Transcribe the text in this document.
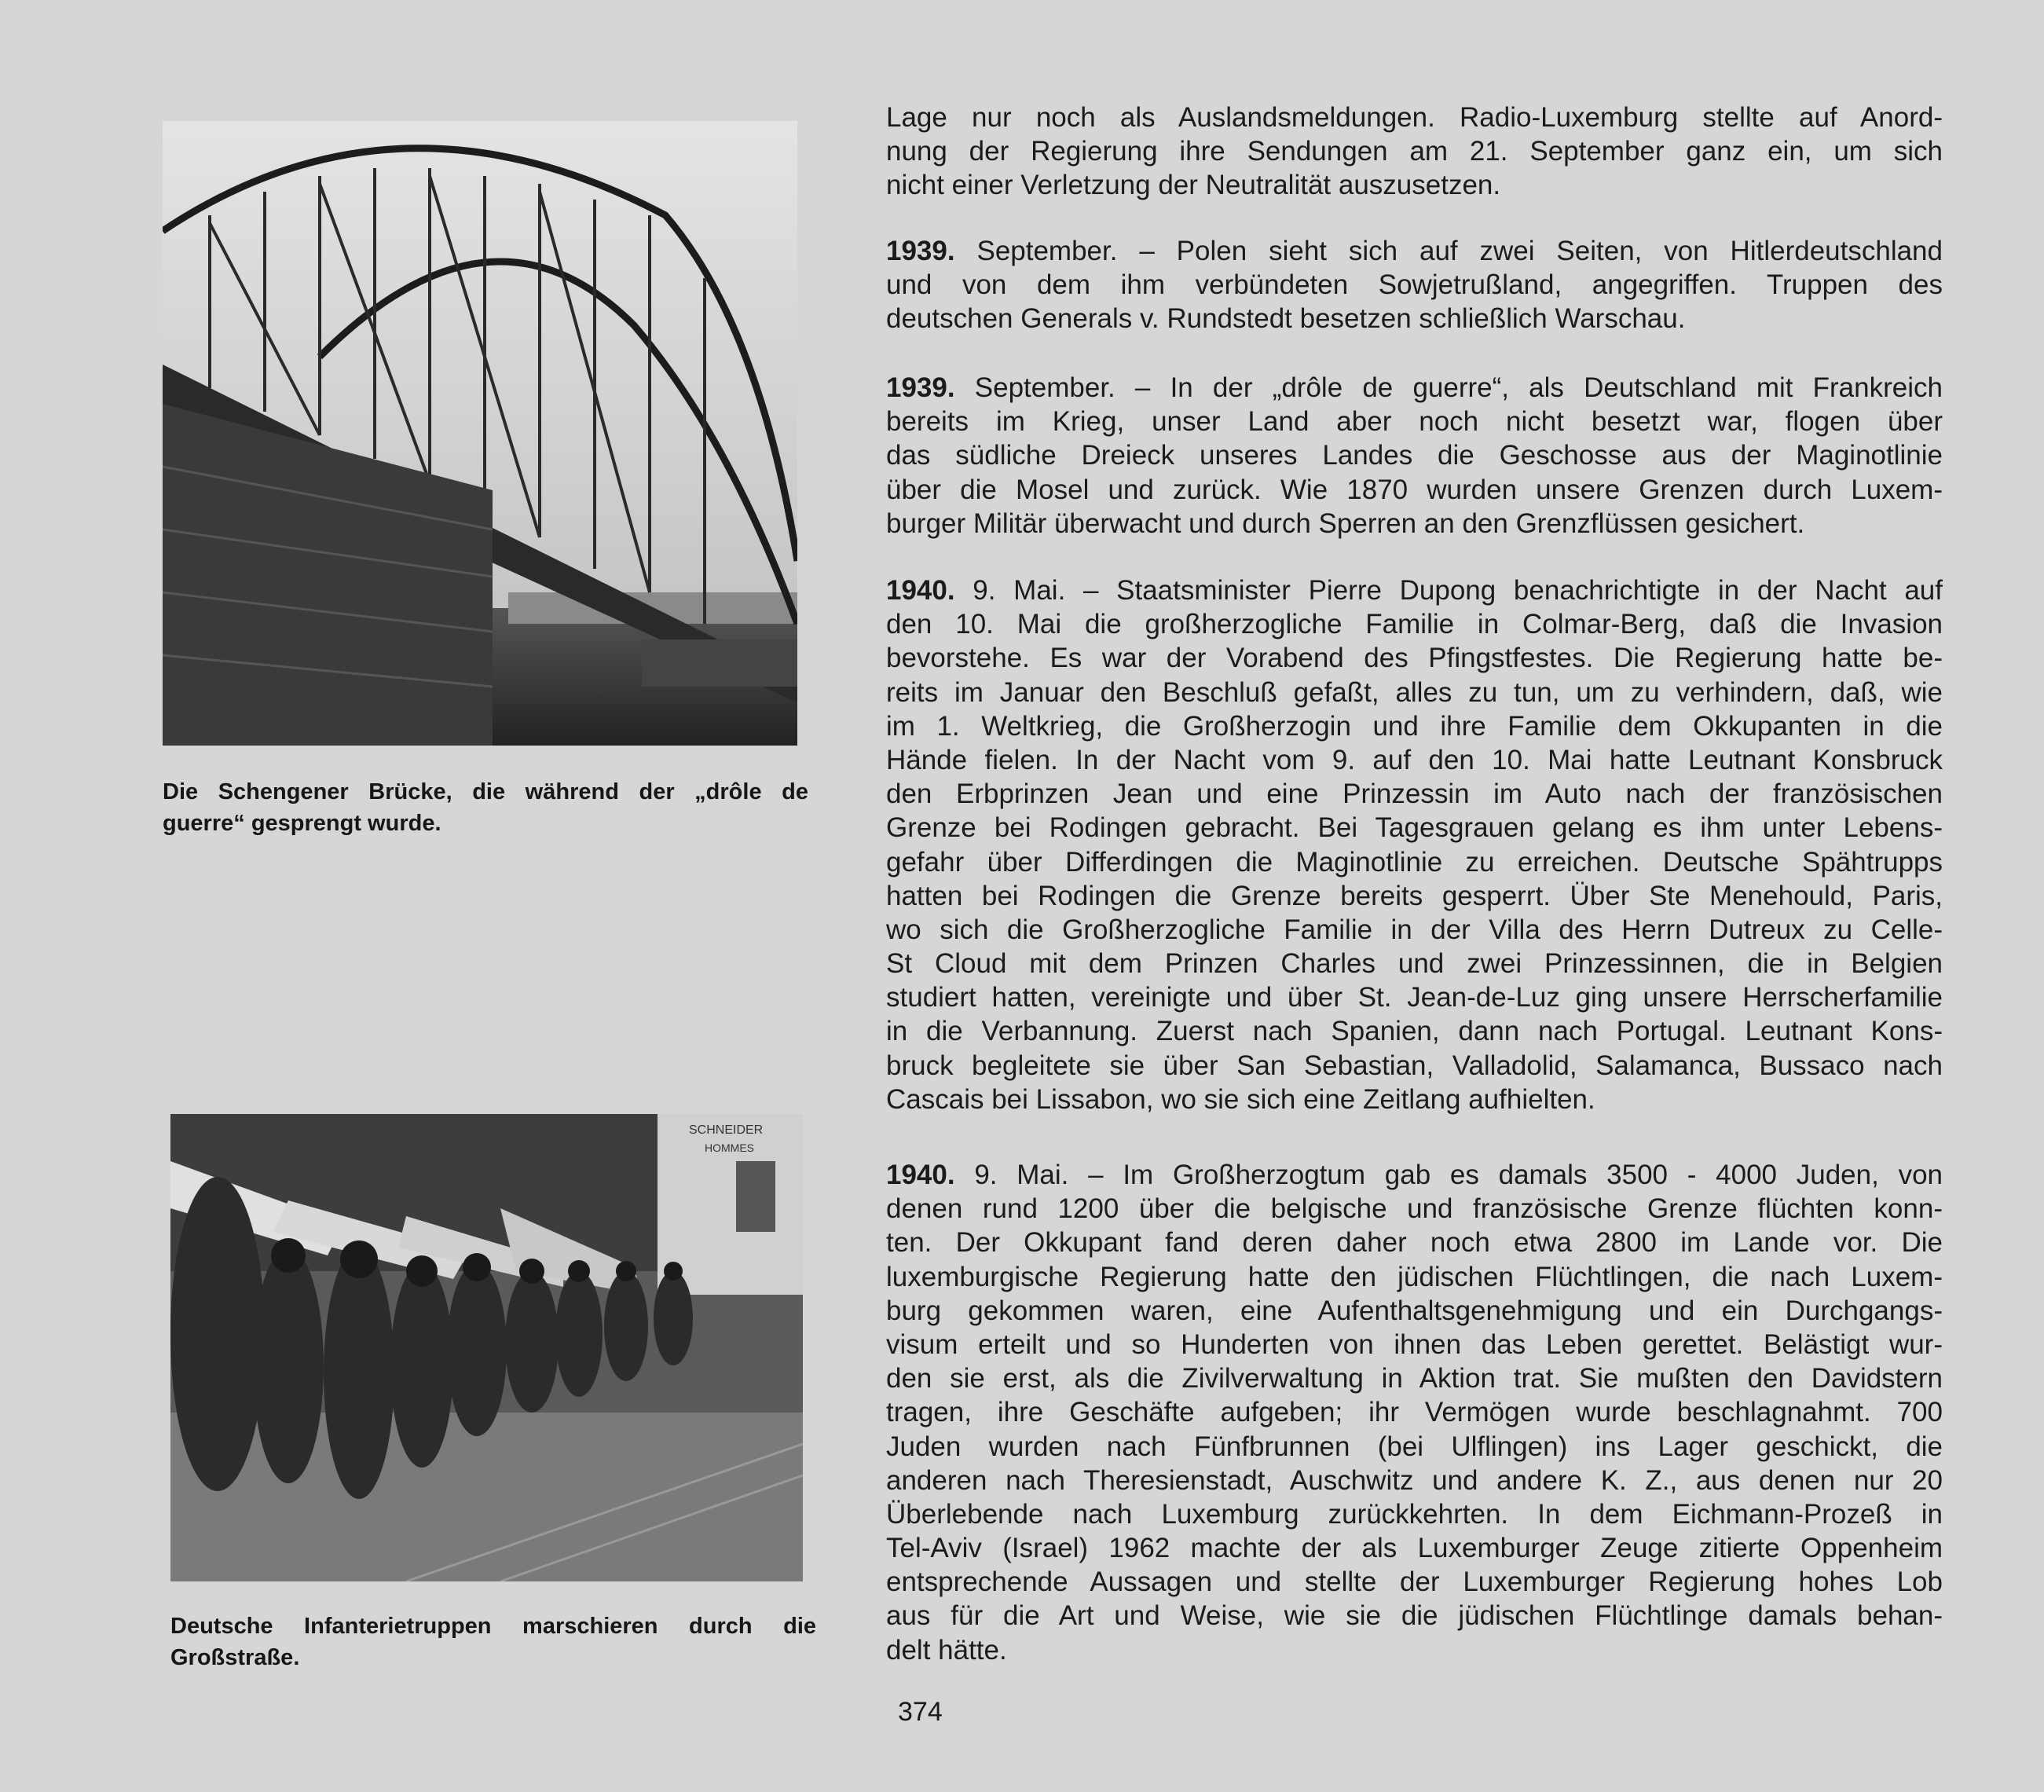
Die Schengener Brücke, die während der „drôle de
guerre“ gesprengt wurde.
SCHNEIDER
HOMMES
Deutsche Infanterietruppen marschieren durch die
Großstraße.
Lage nur noch als Auslandsmeldungen. Radio-Luxemburg stellte auf Anord-
nung der Regierung ihre Sendungen am 21. September ganz ein, um sich
nicht einer Verletzung der Neutralität auszusetzen.
1939. September. – Polen sieht sich auf zwei Seiten, von Hitlerdeutschland
und von dem ihm verbündeten Sowjetrußland, angegriffen. Truppen des
deutschen Generals v. Rundstedt besetzen schließlich Warschau.
1939. September. – In der „drôle de guerre“, als Deutschland mit Frankreich
bereits im Krieg, unser Land aber noch nicht besetzt war, flogen über
das südliche Dreieck unseres Landes die Geschosse aus der Maginotlinie
über die Mosel und zurück. Wie 1870 wurden unsere Grenzen durch Luxem-
burger Militär überwacht und durch Sperren an den Grenzflüssen gesichert.
1940. 9. Mai. – Staatsminister Pierre Dupong benachrichtigte in der Nacht auf
den 10. Mai die großherzogliche Familie in Colmar-Berg, daß die Invasion
bevorstehe. Es war der Vorabend des Pfingstfestes. Die Regierung hatte be-
reits im Januar den Beschluß gefaßt, alles zu tun, um zu verhindern, daß, wie
im 1. Weltkrieg, die Großherzogin und ihre Familie dem Okkupanten in die
Hände fielen. In der Nacht vom 9. auf den 10. Mai hatte Leutnant Konsbruck
den Erbprinzen Jean und eine Prinzessin im Auto nach der französischen
Grenze bei Rodingen gebracht. Bei Tagesgrauen gelang es ihm unter Lebens-
gefahr über Differdingen die Maginotlinie zu erreichen. Deutsche Spähtrupps
hatten bei Rodingen die Grenze bereits gesperrt. Über Ste Menehould, Paris,
wo sich die Großherzogliche Familie in der Villa des Herrn Dutreux zu Celle-
St Cloud mit dem Prinzen Charles und zwei Prinzessinnen, die in Belgien
studiert hatten, vereinigte und über St. Jean-de-Luz ging unsere Herrscherfamilie
in die Verbannung. Zuerst nach Spanien, dann nach Portugal. Leutnant Kons-
bruck begleitete sie über San Sebastian, Valladolid, Salamanca, Bussaco nach
Cascais bei Lissabon, wo sie sich eine Zeitlang aufhielten.
1940. 9. Mai. – Im Großherzogtum gab es damals 3500 - 4000 Juden, von
denen rund 1200 über die belgische und französische Grenze flüchten konn-
ten. Der Okkupant fand deren daher noch etwa 2800 im Lande vor. Die
luxemburgische Regierung hatte den jüdischen Flüchtlingen, die nach Luxem-
burg gekommen waren, eine Aufenthaltsgenehmigung und ein Durchgangs-
visum erteilt und so Hunderten von ihnen das Leben gerettet. Belästigt wur-
den sie erst, als die Zivilverwaltung in Aktion trat. Sie mußten den Davidstern
tragen, ihre Geschäfte aufgeben; ihr Vermögen wurde beschlagnahmt. 700
Juden wurden nach Fünfbrunnen (bei Ulflingen) ins Lager geschickt, die
anderen nach Theresienstadt, Auschwitz und andere K. Z., aus denen nur 20
Überlebende nach Luxemburg zurückkehrten. In dem Eichmann-Prozeß in
Tel-Aviv (Israel) 1962 machte der als Luxemburger Zeuge zitierte Oppenheim
entsprechende Aussagen und stellte der Luxemburger Regierung hohes Lob
aus für die Art und Weise, wie sie die jüdischen Flüchtlinge damals behan-
delt hätte.
374
